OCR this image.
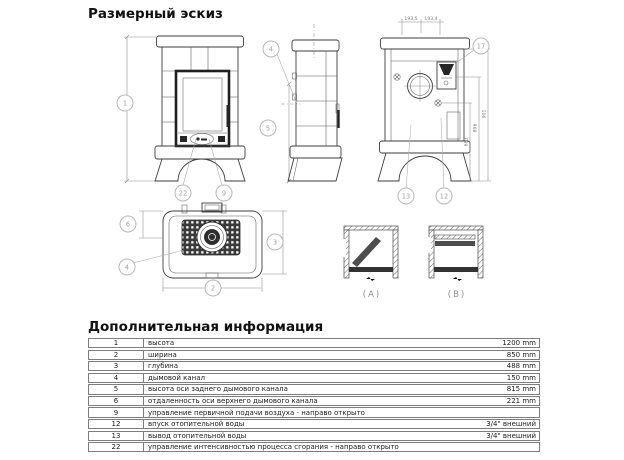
Размерный эскиз
1
22	9
4
5
193,5 193,4
683
896
901
17
13	12
6
3
2
4
(A)	(B)
Дополнительная информация
1	высота	1200 mm
2	ширина	850 mm
3	глубина	488 mm
4	дымовой канал	150 mm
5	высота оси заднего дымового канала	815 mm
6	отдаленность оси верхнего дымового канала	221 mm
9	управление первичной подачи воздуха - направо открыто
12	впуск отопительной воды	3/4" внешний
13	вывод отопительной воды	3/4" внешний
22	управление интенсивностью процесса сгорания - направо открыто
